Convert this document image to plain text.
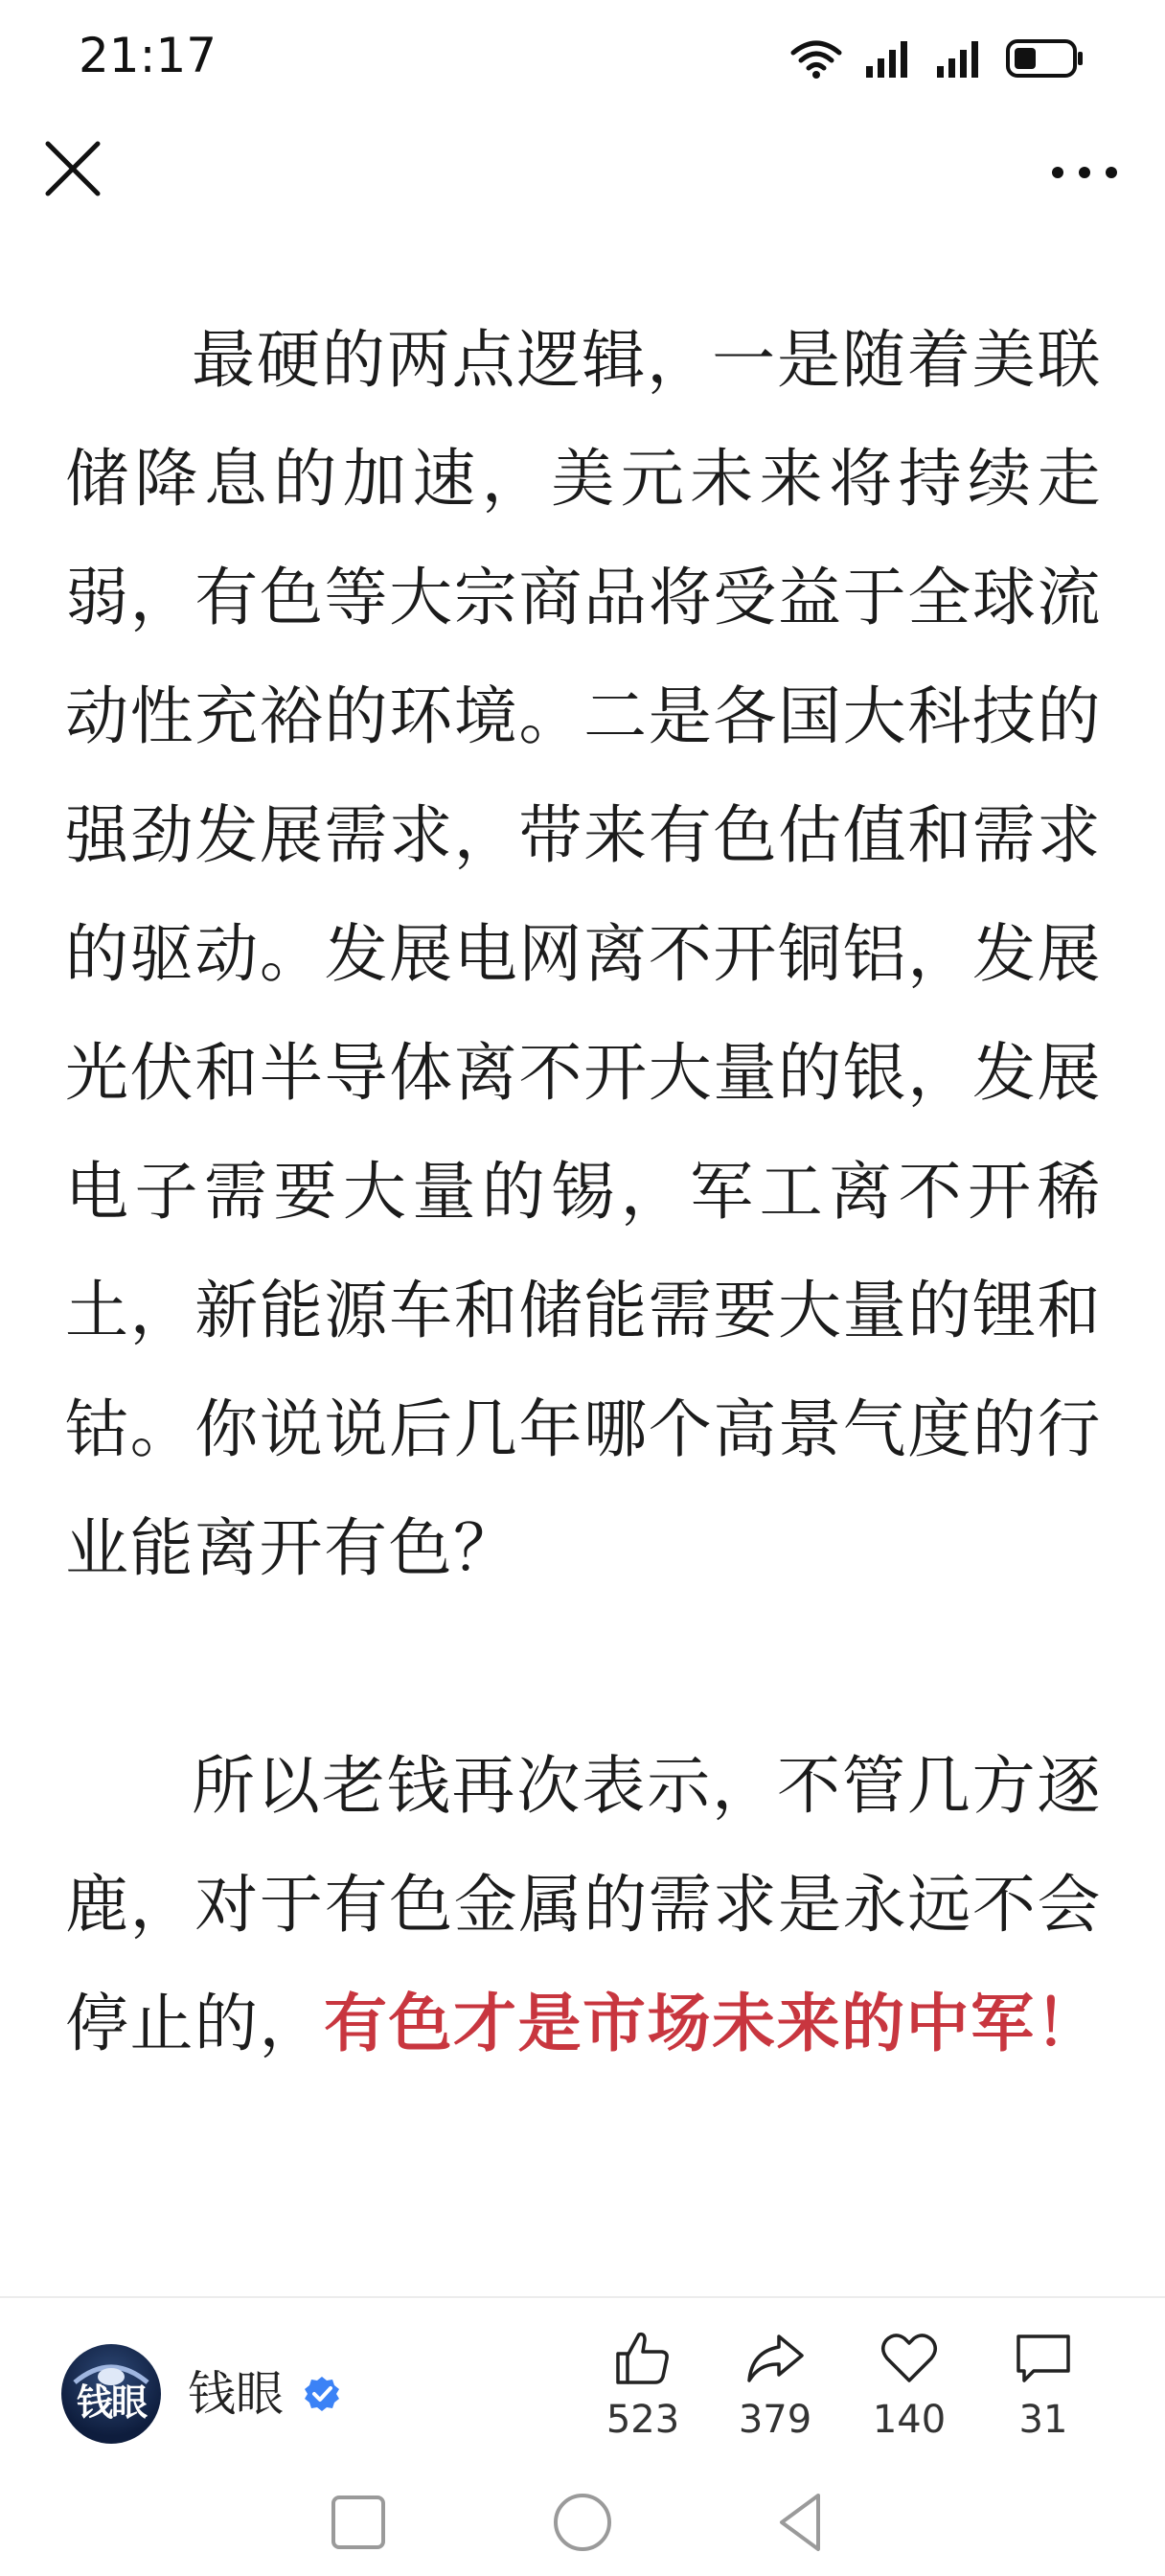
21:17

最硬的两点逻辑，一是随着美联储降息的加速，美元未来将持续走弱，有色等大宗商品将受益于全球流动性充裕的环境。二是各国大科技的强劲发展需求，带来有色估值和需求的驱动。发展电网离不开铜铝，发展光伏和半导体离不开大量的银，发展电子需要大量的锡，军工离不开稀土，新能源车和储能需要大量的锂和钴。你说说后几年哪个高景气度的行业能离开有色？

所以老钱再次表示，不管几方逐鹿，对于有色金属的需求是永远不会停止的，有色才是市场未来的中军！

钱眼 钱眼	523	379	140	31
